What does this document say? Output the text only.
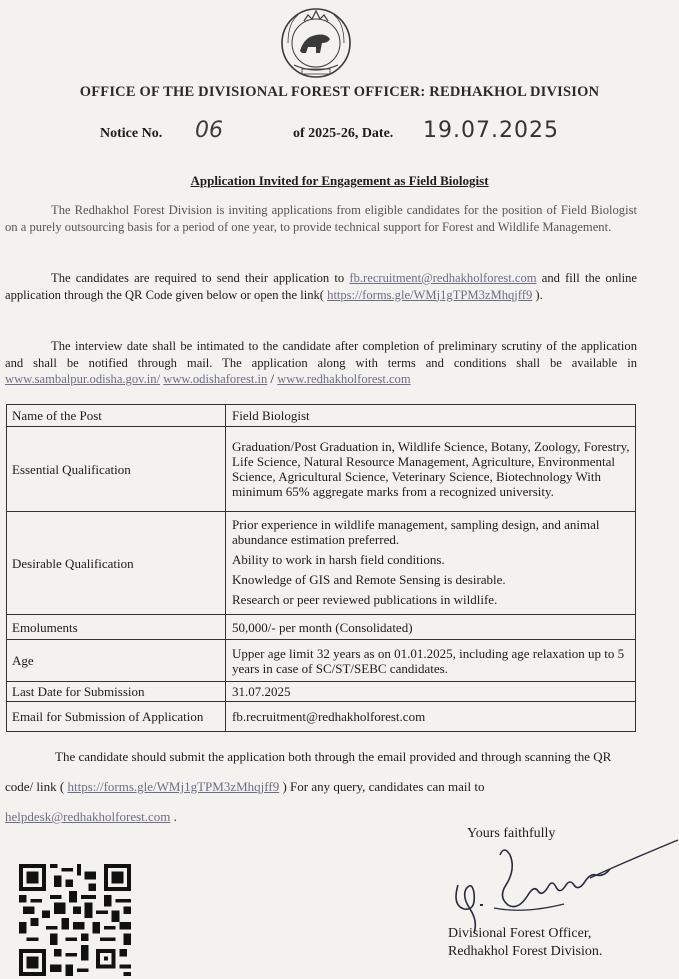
OFFICE OF THE DIVISIONAL FOREST OFFICER: REDHAKHOL DIVISION
Notice No. 06	of 2025-26, Date. 19.07.2025
Application Invited for Engagement as Field Biologist
The Redhakhol Forest Division is inviting applications from eligible candidates for the position of Field Biologist on a purely outsourcing basis for a period of one year, to provide technical support for Forest and Wildlife Management.
The candidates are required to send their application to fb.recruitment@redhakholforest.com and fill the online application through the QR Code given below or open the link( https://forms.gle/WMj1gTPM3zMhqjff9 ).
The interview date shall be intimated to the candidate after completion of preliminary scrutiny of the application and shall be notified through mail. The application along with terms and conditions shall be available in www.sambalpur.odisha.gov.in/ www.odishaforest.in / www.redhakholforest.com
Name of the Post	Field Biologist
Essential Qualification	Graduation/Post Graduation in, Wildlife Science, Botany, Zoology, Forestry, Life Science, Natural Resource Management, Agriculture, Environmental Science, Agricultural Science, Veterinary Science, Biotechnology With minimum 65% aggregate marks from a recognized university.
Desirable Qualification	Prior experience in wildlife management, sampling design, and animal abundance estimation preferred.
Ability to work in harsh field conditions.
Knowledge of GIS and Remote Sensing is desirable.
Research or peer reviewed publications in wildlife.

Emoluments	50,000/- per month (Consolidated)
Age	Upper age limit 32 years as on 01.01.2025, including age relaxation up to 5 years in case of SC/ST/SEBC candidates.
Last Date for Submission	31.07.2025
Email for Submission of Application	fb.recruitment@redhakholforest.com
The candidate should submit the application both through the email provided and through scanning the QR code/ link ( https://forms.gle/WMj1gTPM3zMhqjff9 ) For any query, candidates can mail to helpdesk@redhakholforest.com .
Yours faithfully
Divisional Forest Officer,
Redhakhol Forest Division.
